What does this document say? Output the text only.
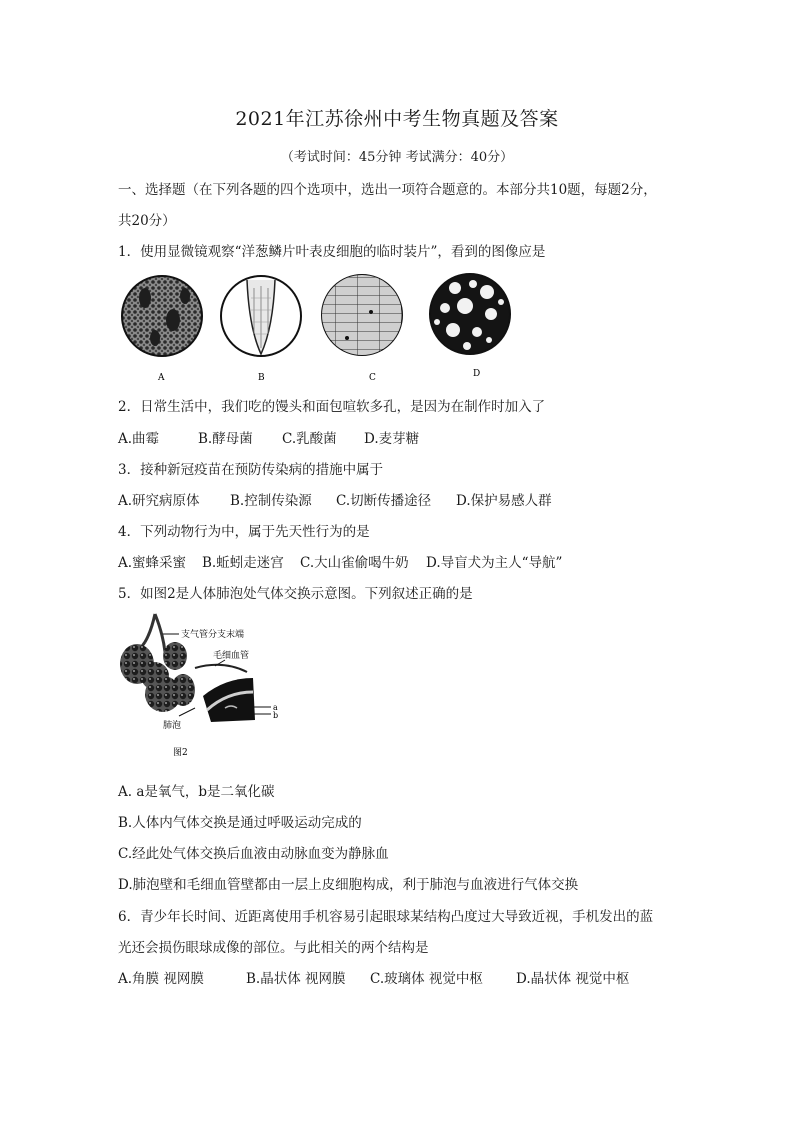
2021年江苏徐州中考生物真题及答案
（考试时间：45分钟 考试满分：40分）
一、选择题（在下列各题的四个选项中，选出一项符合题意的。本部分共10题，每题2分，
共20分）
1．使用显微镜观察“洋葱鳞片叶表皮细胞的临时装片”，看到的图像应是
A	B	C	D
2．日常生活中，我们吃的馒头和面包喧软多孔，是因为在制作时加入了
A.曲霉	B.酵母菌	C.乳酸菌	D.麦芽糖
3．接种新冠疫苗在预防传染病的措施中属于
A.研究病原体	B.控制传染源	C.切断传播途径	D.保护易感人群
4．下列动物行为中，属于先天性行为的是
A.蜜蜂采蜜	B.蚯蚓走迷宫	C.大山雀偷喝牛奶	D.导盲犬为主人“导航”
5．如图2是人体肺泡处气体交换示意图。下列叙述正确的是
支气管分支末端
毛细血管
a
b
肺泡
图2
A. a是氧气，b是二氧化碳
B.人体内气体交换是通过呼吸运动完成的
C.经此处气体交换后血液由动脉血变为静脉血
D.肺泡壁和毛细血管壁都由一层上皮细胞构成，利于肺泡与血液进行气体交换
6．青少年长时间、近距离使用手机容易引起眼球某结构凸度过大导致近视，手机发出的蓝
光还会损伤眼球成像的部位。与此相关的两个结构是
A.角膜 视网膜	B.晶状体 视网膜	C.玻璃体 视觉中枢	D.晶状体 视觉中枢
